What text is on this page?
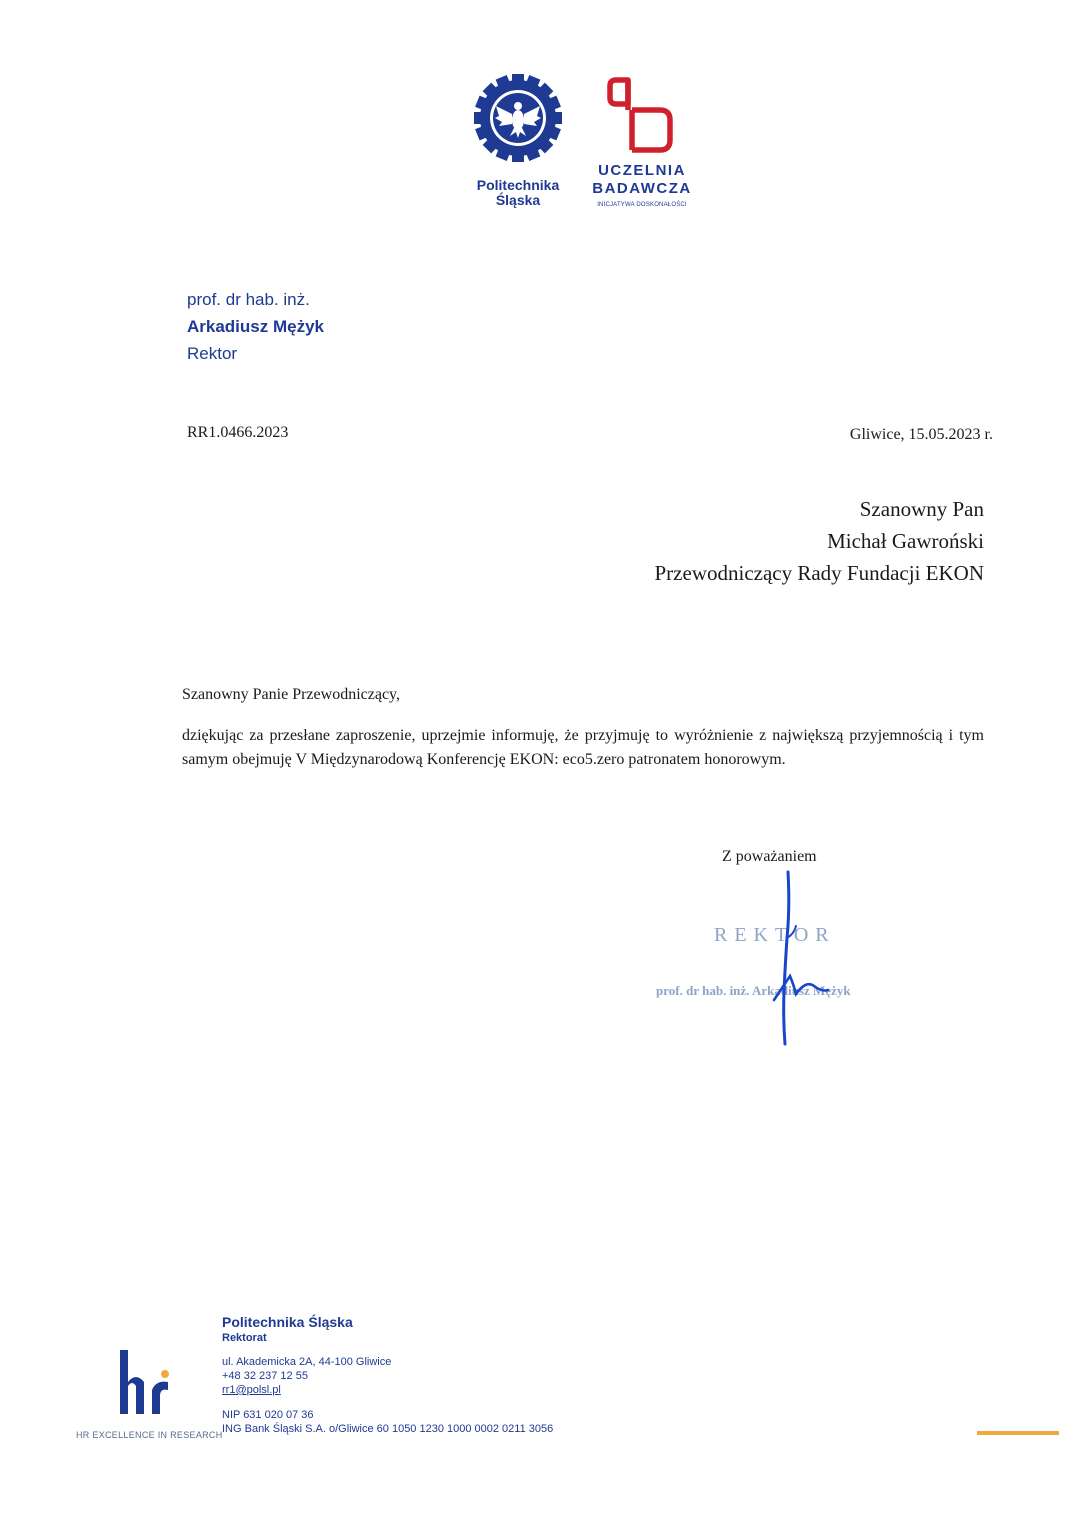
Politechnika
Śląska
UCZELNIA
BADAWCZA
INICJATYWA DOSKONAŁOŚCI
prof. dr hab. inż.
Arkadiusz Mężyk
Rektor
RR1.0466.2023	Gliwice, 15.05.2023 r.
Szanowny Pan
Michał Gawroński
Przewodniczący Rady Fundacji EKON
Szanowny Panie Przewodniczący,
dziękując za przesłane zaproszenie, uprzejmie informuję, że przyjmuję to wyróżnienie z największą przyjemnością i tym samym obejmuję V Międzynarodową Konferencję EKON: eco5.zero patronatem honorowym.
Z poważaniem
REKTOR
prof. dr hab. inż. Arkadiusz Mężyk
HR EXCELLENCE IN RESEARCH
Politechnika Śląska
Rektorat
ul. Akademicka 2A, 44-100 Gliwice
+48 32 237 12 55
rr1@polsl.pl
NIP 631 020 07 36
ING Bank Śląski S.A. o/Gliwice 60 1050 1230 1000 0002 0211 3056
